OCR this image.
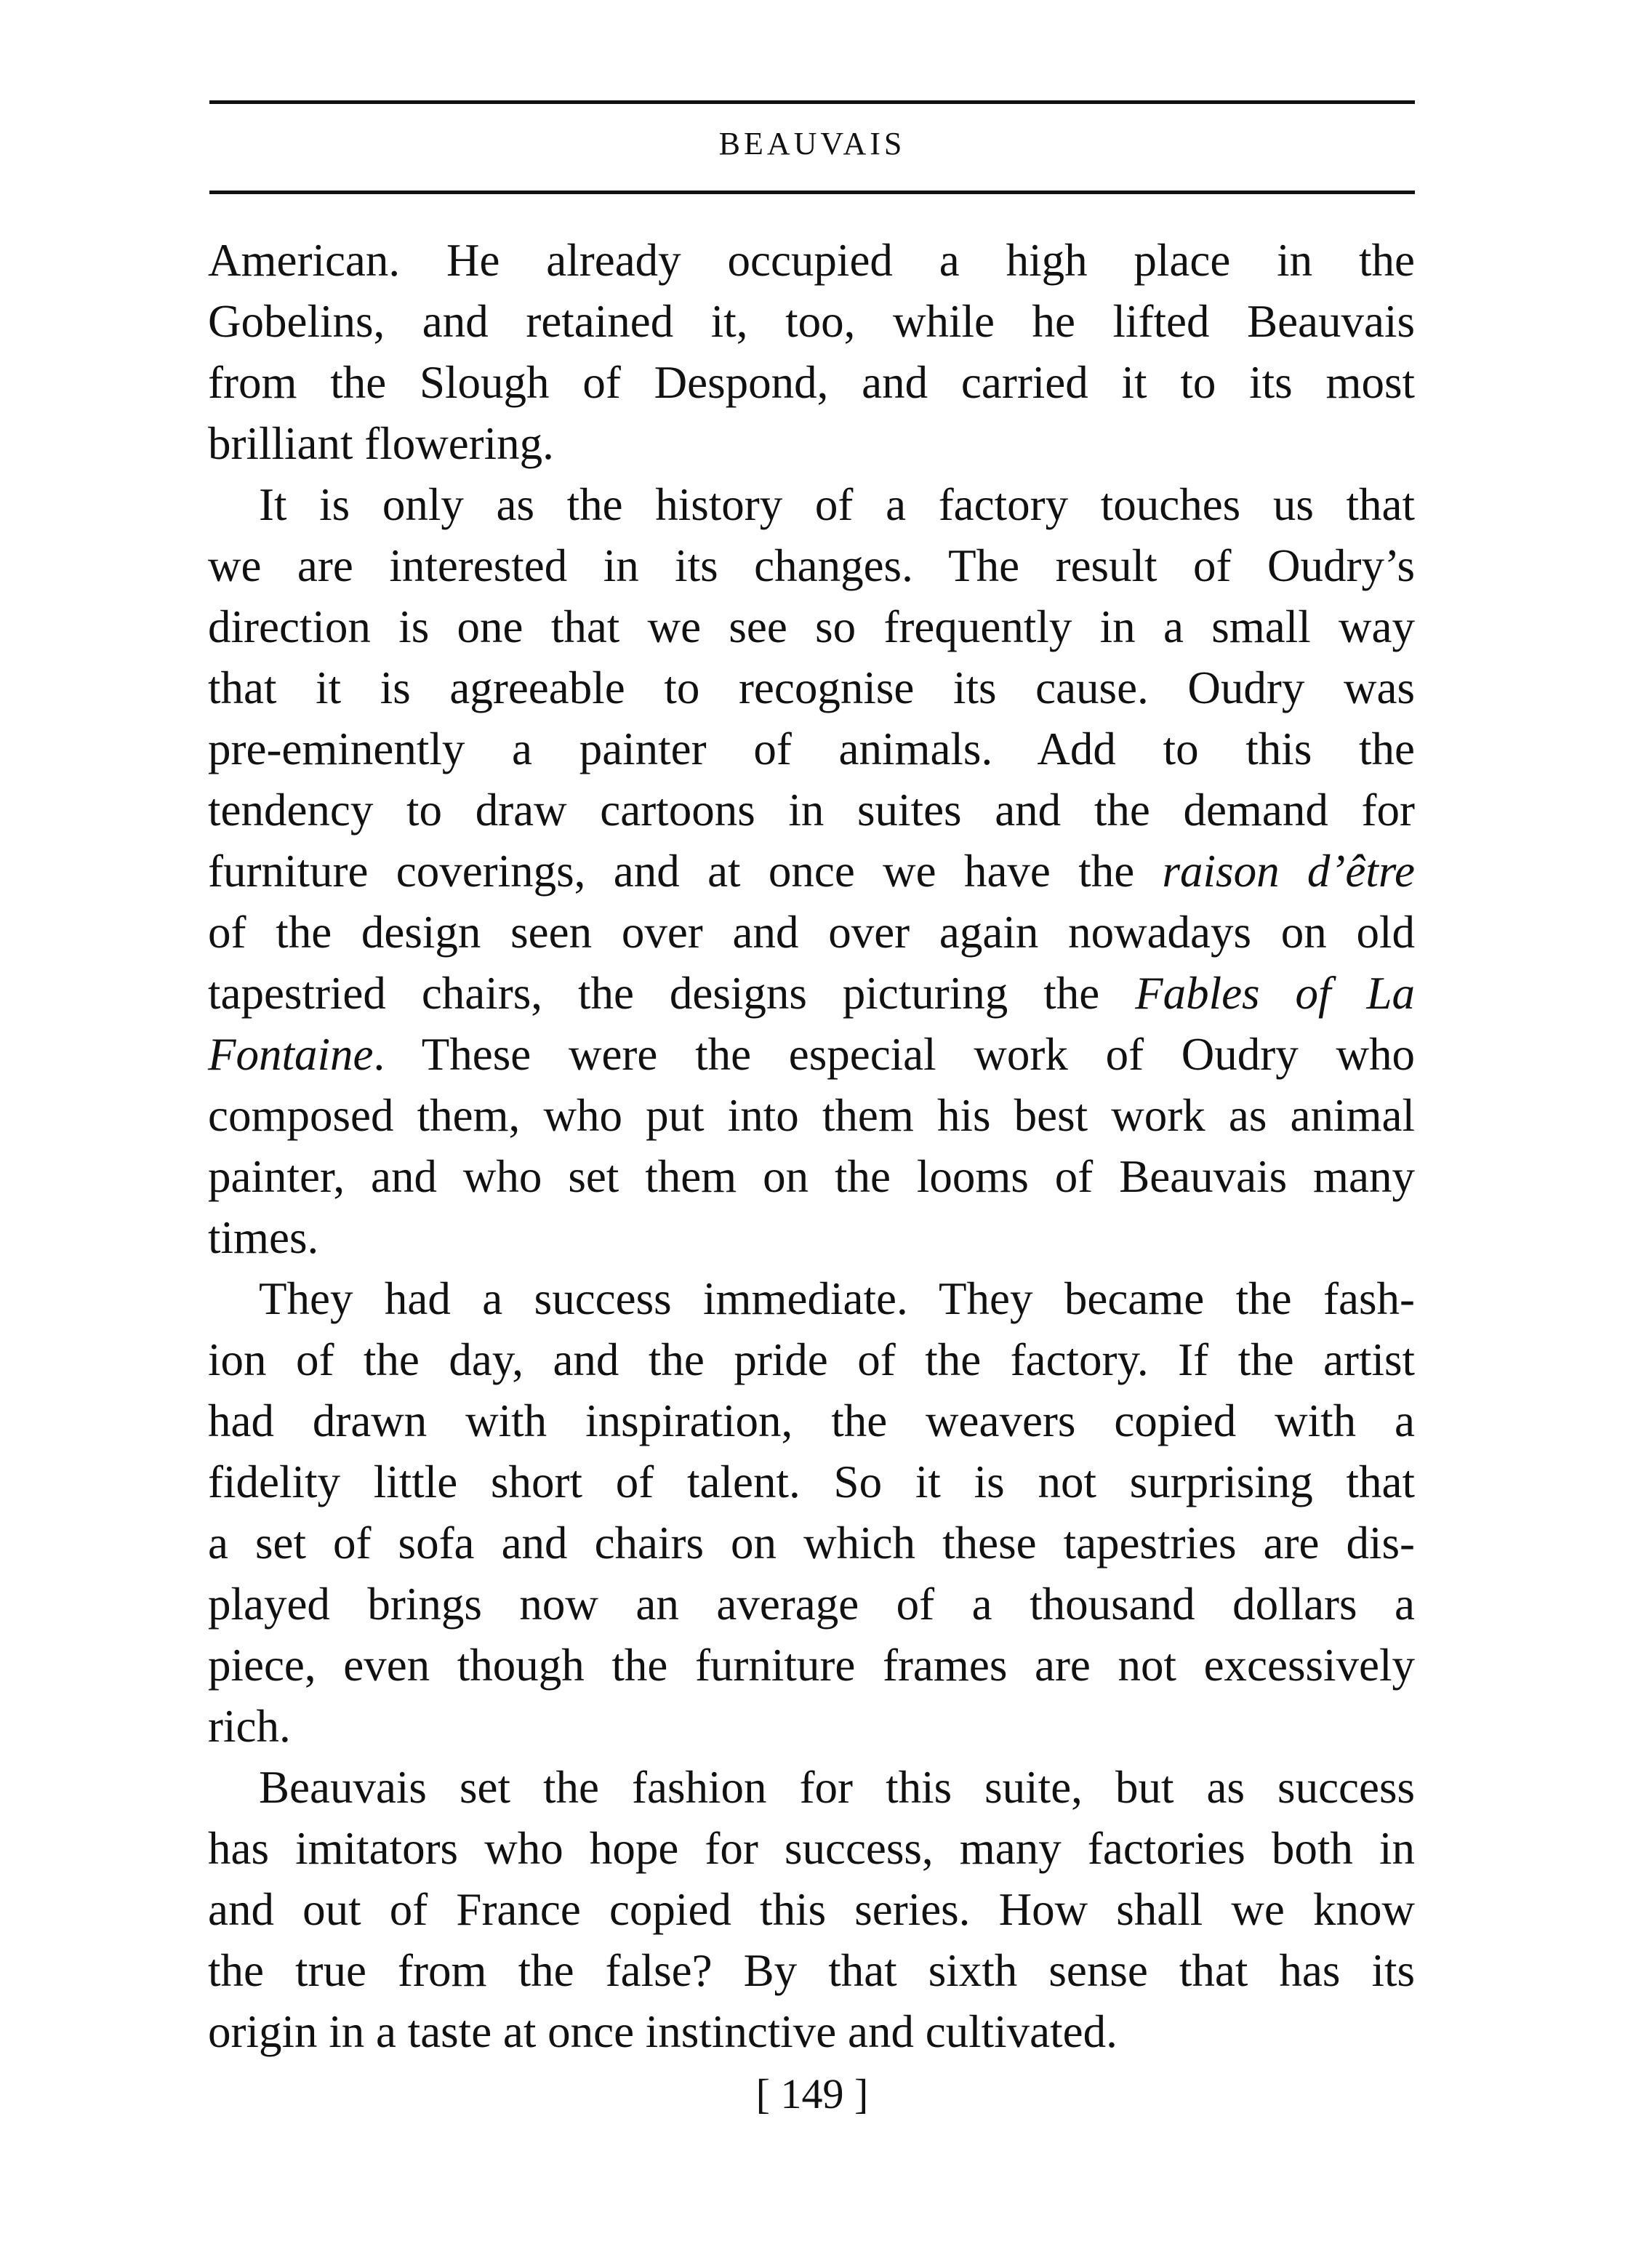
BEAUVAIS
American. He already occupied a high place in the
Gobelins, and retained it, too, while he lifted Beauvais
from the Slough of Despond, and carried it to its most
brilliant flowering.
It is only as the history of a factory touches us that
we are interested in its changes. The result of Oudry’s
direction is one that we see so frequently in a small way
that it is agreeable to recognise its cause. Oudry was
pre-eminently a painter of animals. Add to this the
tendency to draw cartoons in suites and the demand for
furniture coverings, and at once we have the raison d’être
of the design seen over and over again nowadays on old
tapestried chairs, the designs picturing the Fables of La
Fontaine. These were the especial work of Oudry who
composed them, who put into them his best work as animal
painter, and who set them on the looms of Beauvais many
times.
They had a success immediate. They became the fash-
ion of the day, and the pride of the factory. If the artist
had drawn with inspiration, the weavers copied with a
fidelity little short of talent. So it is not surprising that
a set of sofa and chairs on which these tapestries are dis-
played brings now an average of a thousand dollars a
piece, even though the furniture frames are not excessively
rich.
Beauvais set the fashion for this suite, but as success
has imitators who hope for success, many factories both in
and out of France copied this series. How shall we know
the true from the false? By that sixth sense that has its
origin in a taste at once instinctive and cultivated.
[ 149 ]
